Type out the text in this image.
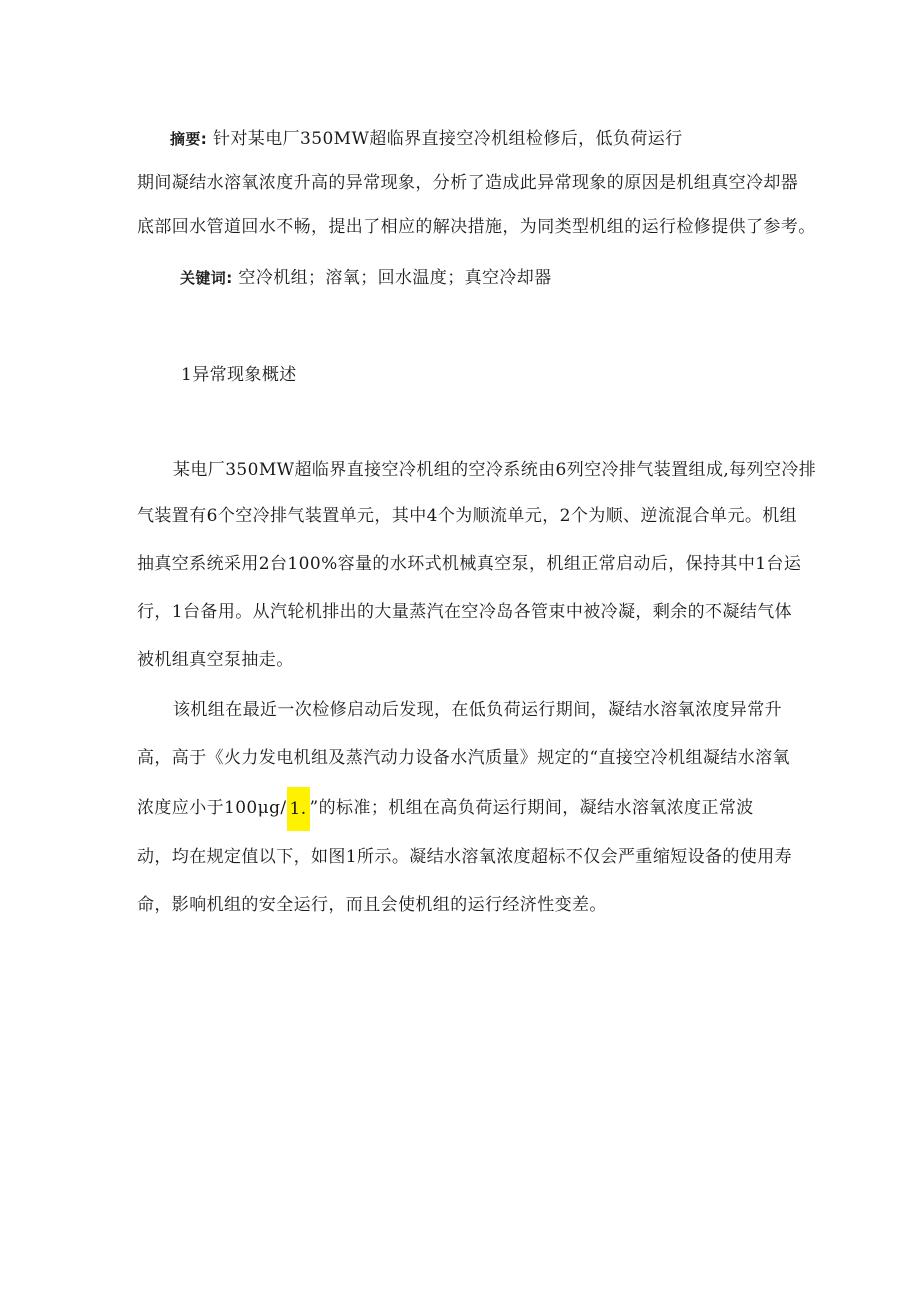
摘要: 针对某电厂350MW超临界直接空冷机组检修后，低负荷运行
期间凝结水溶氧浓度升高的异常现象，分析了造成此异常现象的原因是机组真空冷却器
底部回水管道回水不畅，提出了相应的解决措施，为同类型机组的运行检修提供了参考。
关键词: 空冷机组；溶氧；回水温度；真空冷却器
1异常现象概述
某电厂350MW超临界直接空冷机组的空冷系统由6列空冷排气装置组成,每列空冷排
气装置有6个空冷排气装置单元，其中4个为顺流单元，2个为顺、逆流混合单元。机组
抽真空系统采用2台100%容量的水环式机械真空泵，机组正常启动后，保持其中1台运
行，1台备用。从汽轮机排出的大量蒸汽在空冷岛各管束中被冷凝，剩余的不凝结气体
被机组真空泵抽走。
该机组在最近一次检修启动后发现，在低负荷运行期间，凝结水溶氧浓度异常升
高，高于《火力发电机组及蒸汽动力设备水汽质量》规定的“直接空冷机组凝结水溶氧
浓度应小于100μg/ 1. ”的标准；机组在高负荷运行期间，凝结水溶氧浓度正常波
动，均在规定值以下，如图1所示。凝结水溶氧浓度超标不仅会严重缩短设备的使用寿
命，影响机组的安全运行，而且会使机组的运行经济性变差。
